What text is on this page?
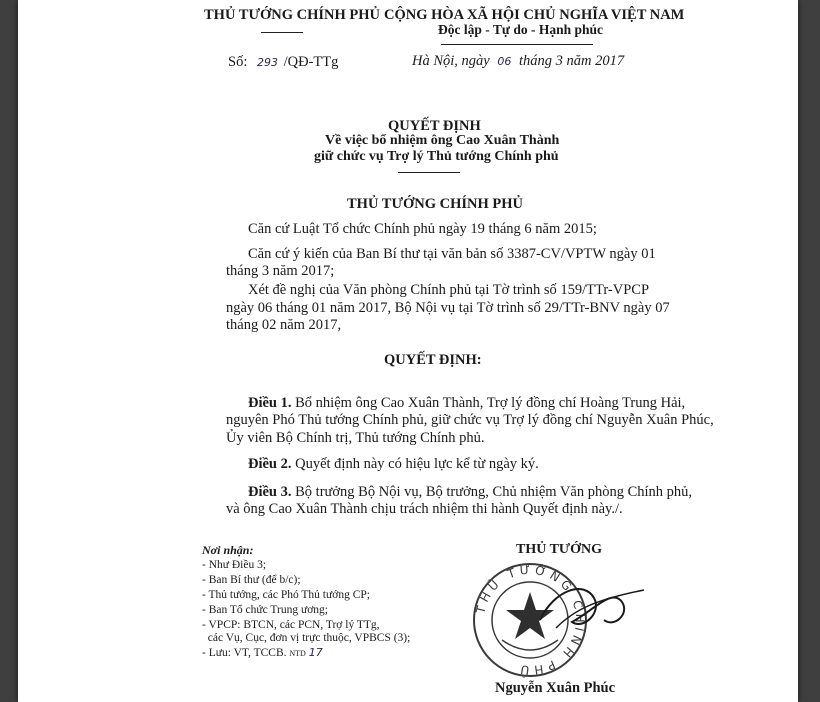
THỦ TƯỚNG CHÍNH PHỦ CỘNG HÒA XÃ HỘI CHỦ NGHĨA VIỆT NAM
Độc lập - Tự do - Hạnh phúc
Số: 293 /QĐ-TTg	Hà Nội, ngày 06 tháng 3 năm 2017
QUYẾT ĐỊNH
Về việc bổ nhiệm ông Cao Xuân Thành
giữ chức vụ Trợ lý Thủ tướng Chính phủ
THỦ TƯỚNG CHÍNH PHỦ
Căn cứ Luật Tổ chức Chính phủ ngày 19 tháng 6 năm 2015;
Căn cứ ý kiến của Ban Bí thư tại văn bản số 3387-CV/VPTW ngày 01
tháng 3 năm 2017;
Xét đề nghị của Văn phòng Chính phủ tại Tờ trình số 159/TTr-VPCP
ngày 06 tháng 01 năm 2017, Bộ Nội vụ tại Tờ trình số 29/TTr-BNV ngày 07
tháng 02 năm 2017,
QUYẾT ĐỊNH:
Điều 1. Bổ nhiệm ông Cao Xuân Thành, Trợ lý đồng chí Hoàng Trung Hải,
nguyên Phó Thủ tướng Chính phủ, giữ chức vụ Trợ lý đồng chí Nguyễn Xuân Phúc,
Ủy viên Bộ Chính trị, Thủ tướng Chính phủ.
Điều 2. Quyết định này có hiệu lực kể từ ngày ký.
Điều 3. Bộ trưởng Bộ Nội vụ, Bộ trưởng, Chủ nhiệm Văn phòng Chính phủ,
và ông Cao Xuân Thành chịu trách nhiệm thi hành Quyết định này./.
Nơi nhận:
- Như Điều 3;
- Ban Bí thư (để b/c);
- Thủ tướng, các Phó Thủ tướng CP;
- Ban Tổ chức Trung ương;
- VPCP: BTCN, các PCN, Trợ lý TTg,
các Vụ, Cục, đơn vị trực thuộc, VPBCS (3);
- Lưu: VT, TCCB. NTD 17
THỦ TƯỚNG
THỦ TƯỚNG CHÍNH PHỦ
Nguyễn Xuân Phúc
